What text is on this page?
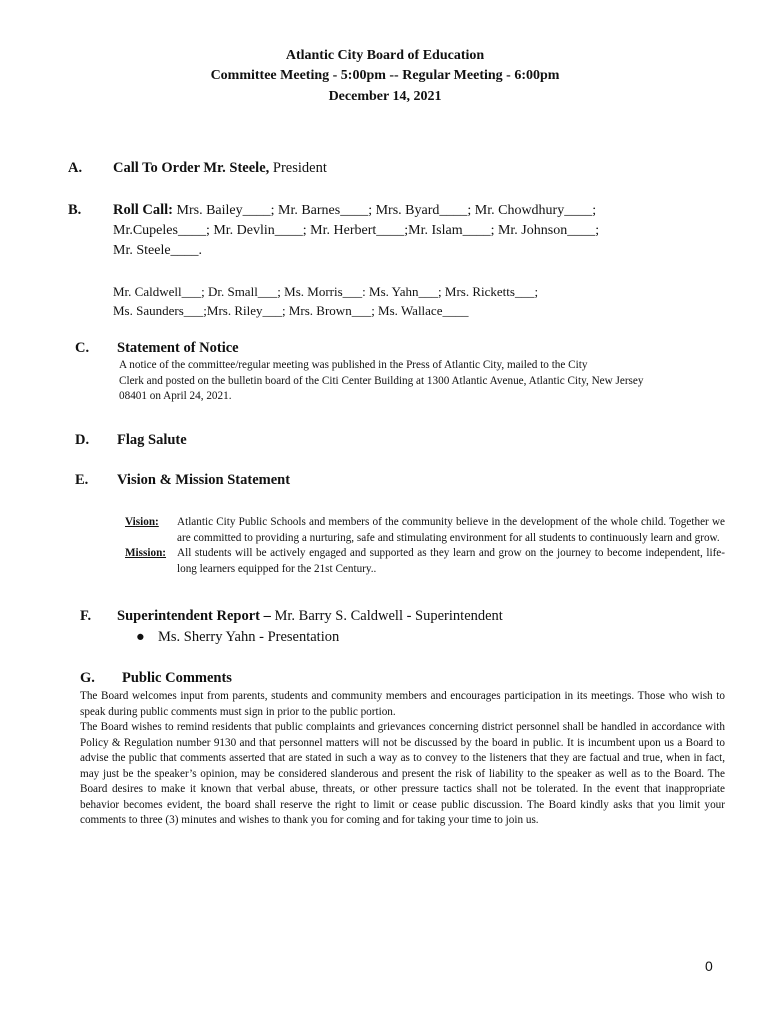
Atlantic City Board of Education
Committee Meeting - 5:00pm -- Regular Meeting - 6:00pm
December 14, 2021
A. Call To Order Mr. Steele, President
B. Roll Call: Mrs. Bailey____; Mr. Barnes____; Mrs. Byard____; Mr. Chowdhury____;
Mr.Cupeles____; Mr. Devlin____; Mr. Herbert____;Mr. Islam____; Mr. Johnson____;
Mr. Steele____.
Mr. Caldwell___; Dr. Small___; Ms. Morris___: Ms. Yahn___; Mrs. Ricketts___;
Ms. Saunders___;Mrs. Riley___; Mrs. Brown___; Ms. Wallace____
C. Statement of Notice
A notice of the committee/regular meeting was published in the Press of Atlantic City, mailed to the City
Clerk and posted on the bulletin board of the Citi Center Building at 1300 Atlantic Avenue, Atlantic City, New Jersey
08401 on April 24, 2021.
D. Flag Salute
E. Vision & Mission Statement
Vision:	Atlantic City Public Schools and members of the community believe in the development of the whole child. Together we are committed to providing a nurturing, safe and stimulating environment for all students to continuously learn and grow.
Mission: All students will be actively engaged and supported as they learn and grow on the journey to become independent, life-long learners equipped for the 21st Century..
F. Superintendent Report – Mr. Barry S. Caldwell - Superintendent
● Ms. Sherry Yahn - Presentation
G. Public Comments
The Board welcomes input from parents, students and community members and encourages participation in its meetings. Those who wish to speak during public comments must sign in prior to the public portion.
The Board wishes to remind residents that public complaints and grievances concerning district personnel shall be handled in accordance with Policy & Regulation number 9130 and that personnel matters will not be discussed by the board in public. It is incumbent upon us a Board to advise the public that comments asserted that are stated in such a way as to convey to the listeners that they are factual and true, when in fact, may just be the speaker’s opinion, may be considered slanderous and present the risk of liability to the speaker as well as to the Board. The Board desires to make it known that verbal abuse, threats, or other pressure tactics shall not be tolerated. In the event that inappropriate behavior becomes evident, the board shall reserve the right to limit or cease public discussion. The Board kindly asks that you limit your comments to three (3) minutes and wishes to thank you for coming and for taking your time to join us.
0
